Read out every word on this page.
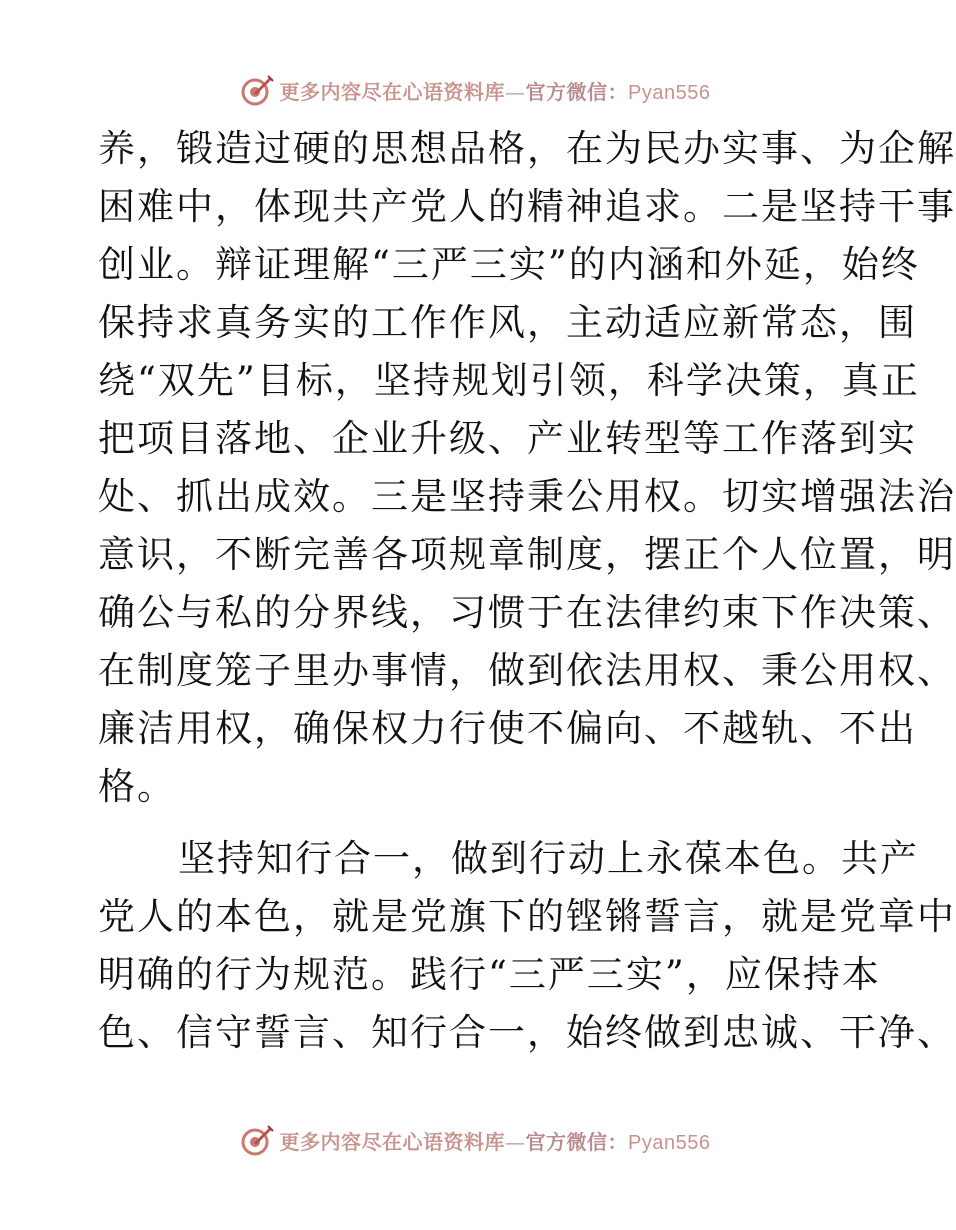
更多内容尽在心语资料库—官方微信：Pyan556
养，锻造过硬的思想品格，在为民办实事、为企解
困难中，体现共产党人的精神追求。二是坚持干事
创业。辩证理解“三严三实”的内涵和外延，始终
保持求真务实的工作作风，主动适应新常态，围
绕“双先”目标，坚持规划引领，科学决策，真正
把项目落地、企业升级、产业转型等工作落到实
处、抓出成效。三是坚持秉公用权。切实增强法治
意识，不断完善各项规章制度，摆正个人位置，明
确公与私的分界线，习惯于在法律约束下作决策、
在制度笼子里办事情，做到依法用权、秉公用权、
廉洁用权，确保权力行使不偏向、不越轨、不出
格。
坚持知行合一，做到行动上永葆本色。共产
党人的本色，就是党旗下的铿锵誓言，就是党章中
明确的行为规范。践行“三严三实”，应保持本
色、信守誓言、知行合一，始终做到忠诚、干净、
更多内容尽在心语资料库—官方微信：Pyan556
